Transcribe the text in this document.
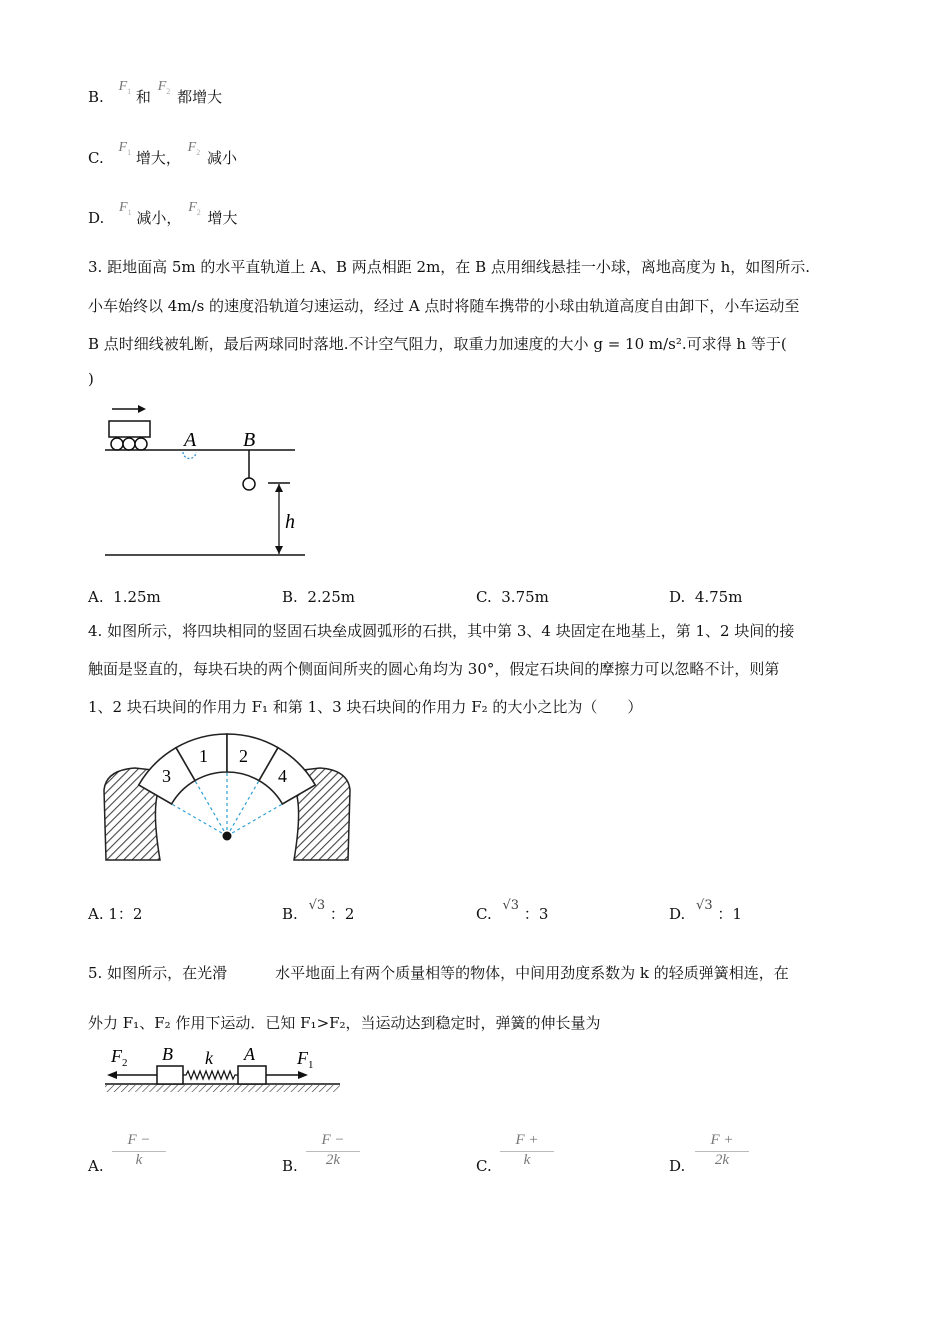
B. $F_1$ 和 $F_2$ 都增大
C. $F_1$ 增大， $F_2$ 减小
D. $F_1$ 减小， $F_2$ 增大
3. 距地面高 5m 的水平直轨道上 A、B 两点相距 2m，在 B 点用细线悬挂一小球，离地高度为 h，如图所示.
小车始终以 4m/s 的速度沿轨道匀速运动，经过 A 点时将随车携带的小球由轨道高度自由卸下，小车运动至
B 点时细线被轧断，最后两球同时落地.不计空气阻力，取重力加速度的大小 g = 10 m/s².可求得 h 等于(
)
A B
h
A. 1.25m	B. 2.25m	C. 3.75m	D. 4.75m
4. 如图所示，将四块相同的竖固石块垒成圆弧形的石拱，其中第 3、4 块固定在地基上，第 1、2 块间的接
触面是竖直的，每块石块的两个侧面间所夹的圆心角均为 30°，假定石块间的摩擦力可以忽略不计，则第
1、2 块石块间的作用力 F₁ 和第 1、3 块石块间的作用力 F₂ 的大小之比为（　　）
1 2
3	4
A. 1：2	B. √3 ：2	C. √3 ：3	D. √3 ：1
5. 如图所示，在光滑	水平地面上有两个质量相等的物体，中间用劲度系数为 k 的轻质弹簧相连，在
外力 F₁、F₂ 作用下运动．已知 F₁>F₂，当运动达到稳定时，弹簧的伸长量为
$F_2$ B k A $F_1$
A.
F −
k	B.
F −
2k	C.
F +
k	D.
F +
2k
